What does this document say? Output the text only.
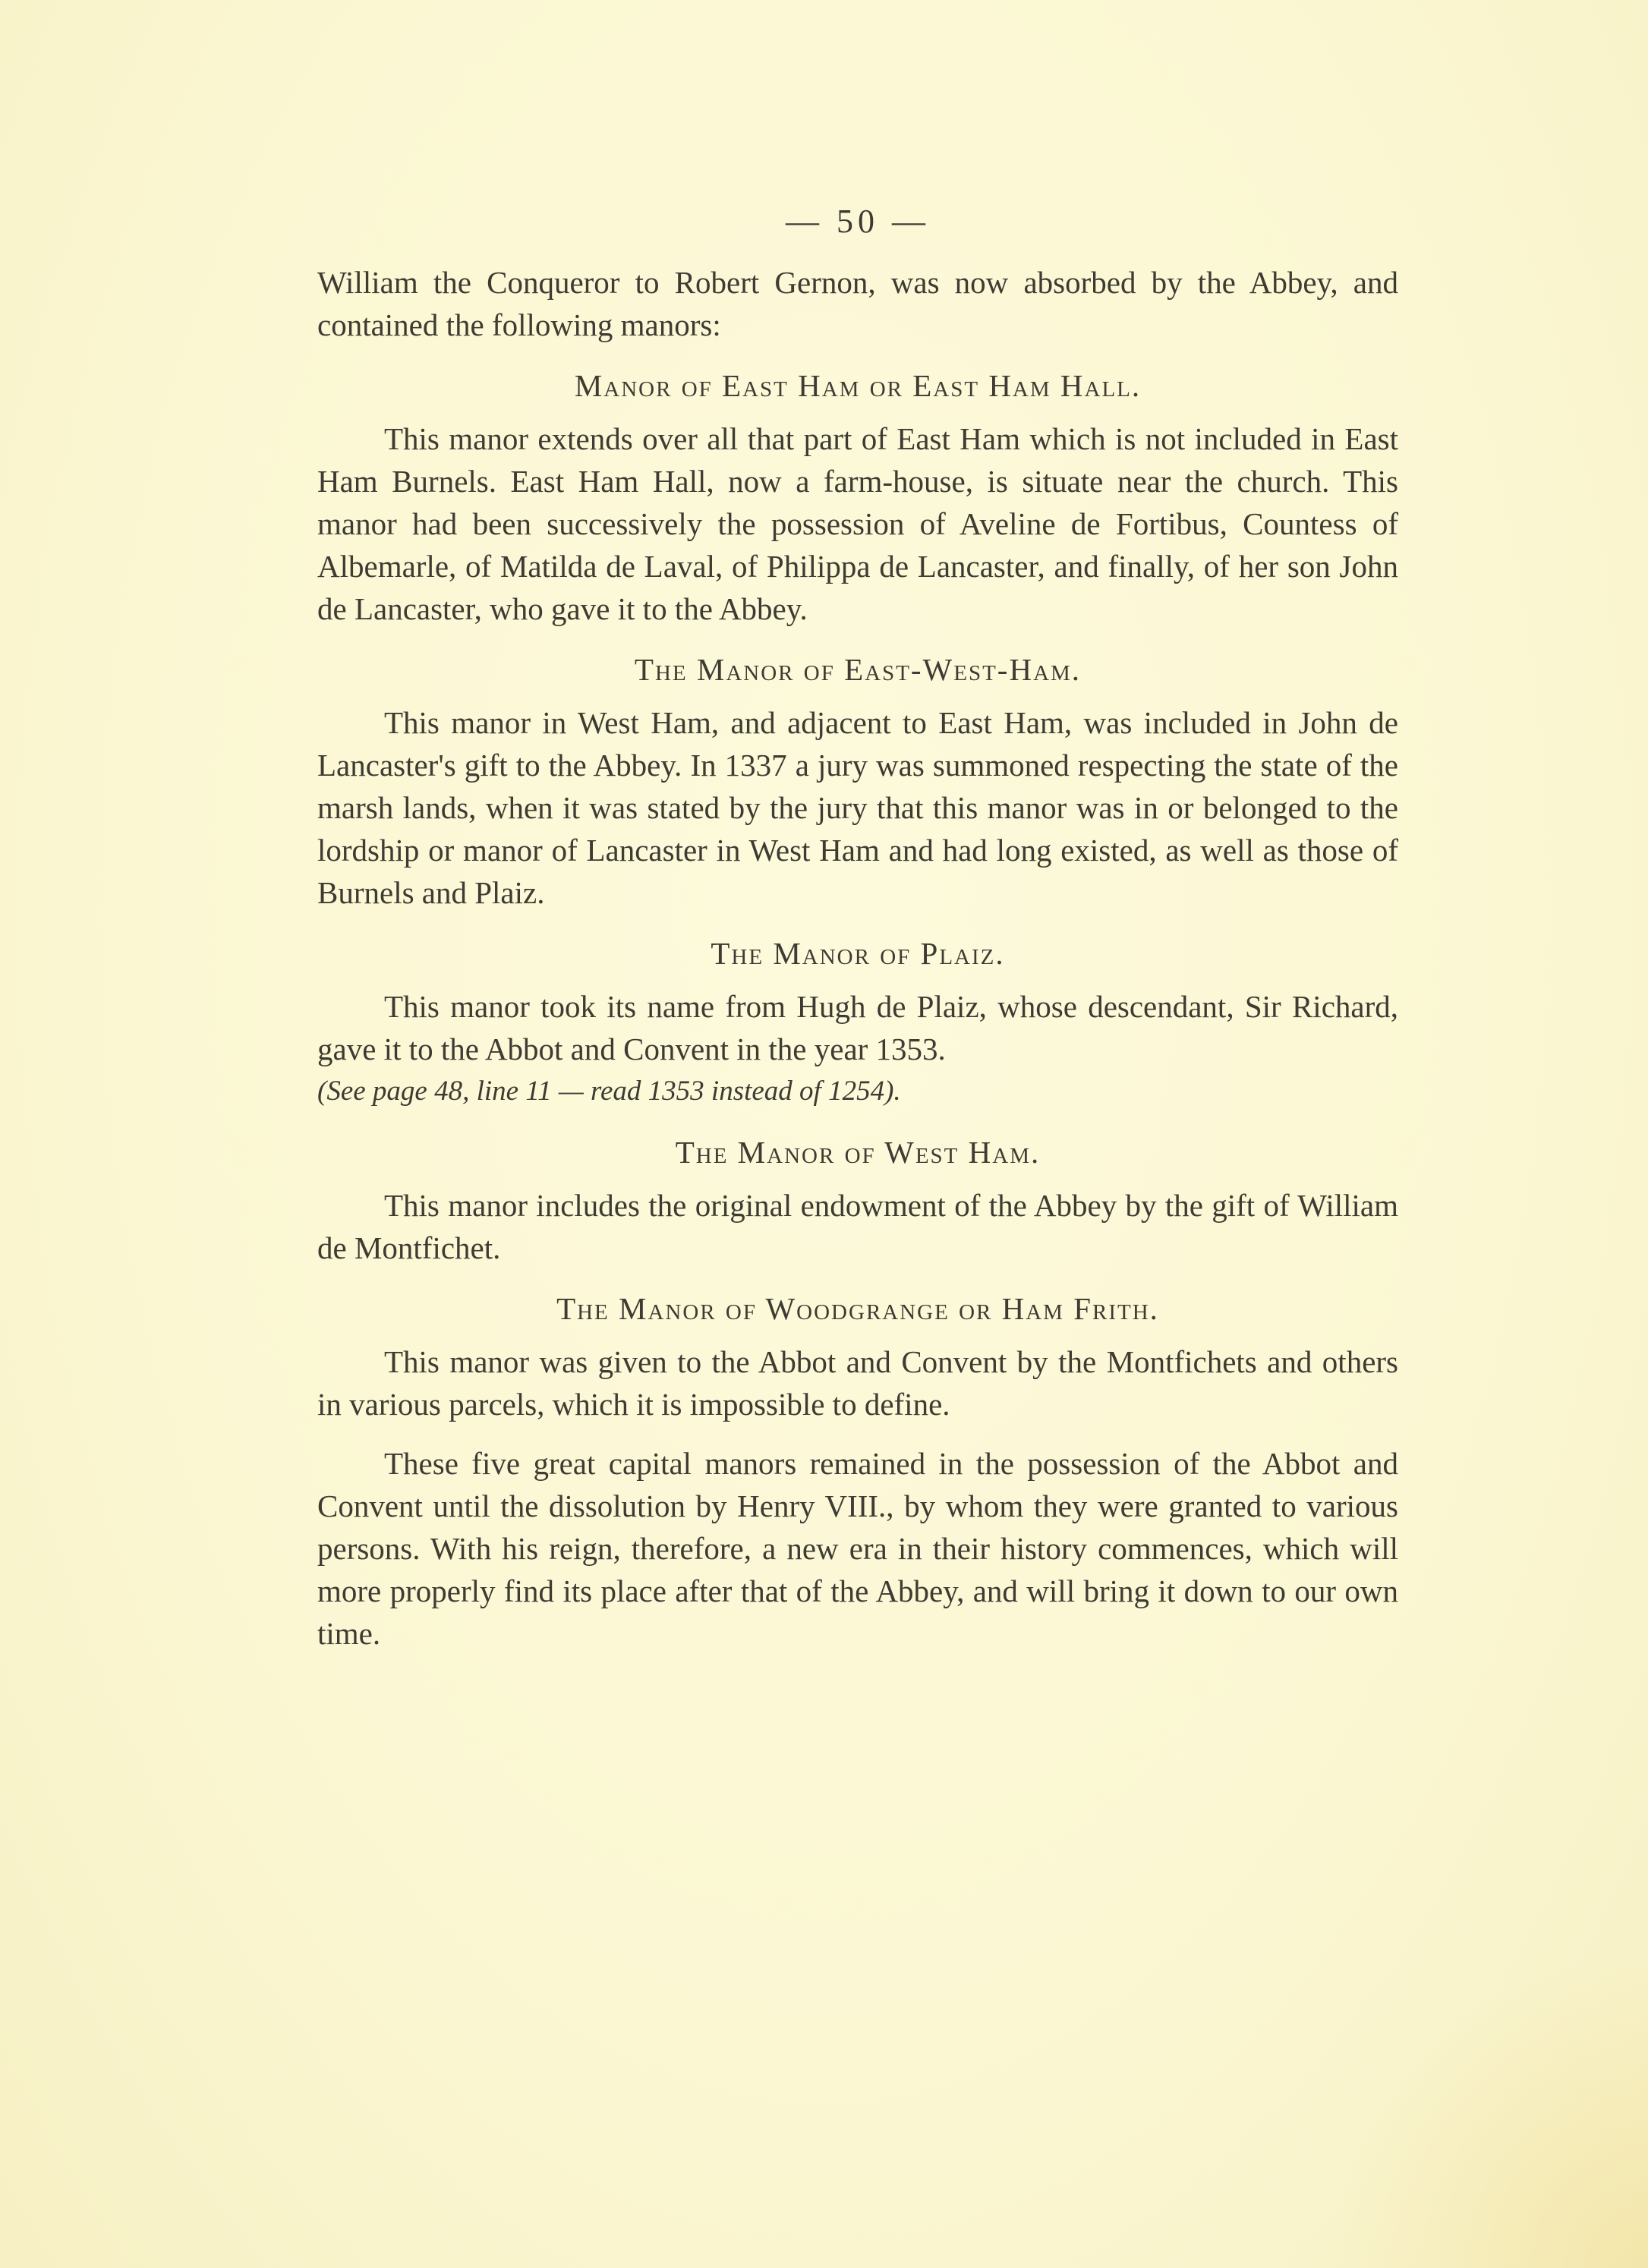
— 50 —

William the Conqueror to Robert Gernon, was now absorbed by the Abbey, and contained the following manors:

Manor of East Ham or East Ham Hall.

This manor extends over all that part of East Ham which is not included in East Ham Burnels. East Ham Hall, now a farm-house, is situate near the church. This manor had been successively the possession of Aveline de Fortibus, Countess of Albemarle, of Matilda de Laval, of Philippa de Lancaster, and finally, of her son John de Lancaster, who gave it to the Abbey.

The Manor of East-West-Ham.

This manor in West Ham, and adjacent to East Ham, was included in John de Lancaster's gift to the Abbey. In 1337 a jury was summoned respecting the state of the marsh lands, when it was stated by the jury that this manor was in or belonged to the lordship or manor of Lancaster in West Ham and had long existed, as well as those of Burnels and Plaiz.

The Manor of Plaiz.

This manor took its name from Hugh de Plaiz, whose descendant, Sir Richard, gave it to the Abbot and Convent in the year 1353.

(See page 48, line 11 — read 1353 instead of 1254).

The Manor of West Ham.

This manor includes the original endowment of the Abbey by the gift of William de Montfichet.

The Manor of Woodgrange or Ham Frith.

This manor was given to the Abbot and Convent by the Montfichets and others in various parcels, which it is impossible to define.

These five great capital manors remained in the possession of the Abbot and Convent until the dissolution by Henry VIII., by whom they were granted to various persons. With his reign, therefore, a new era in their history commences, which will more properly find its place after that of the Abbey, and will bring it down to our own time.
